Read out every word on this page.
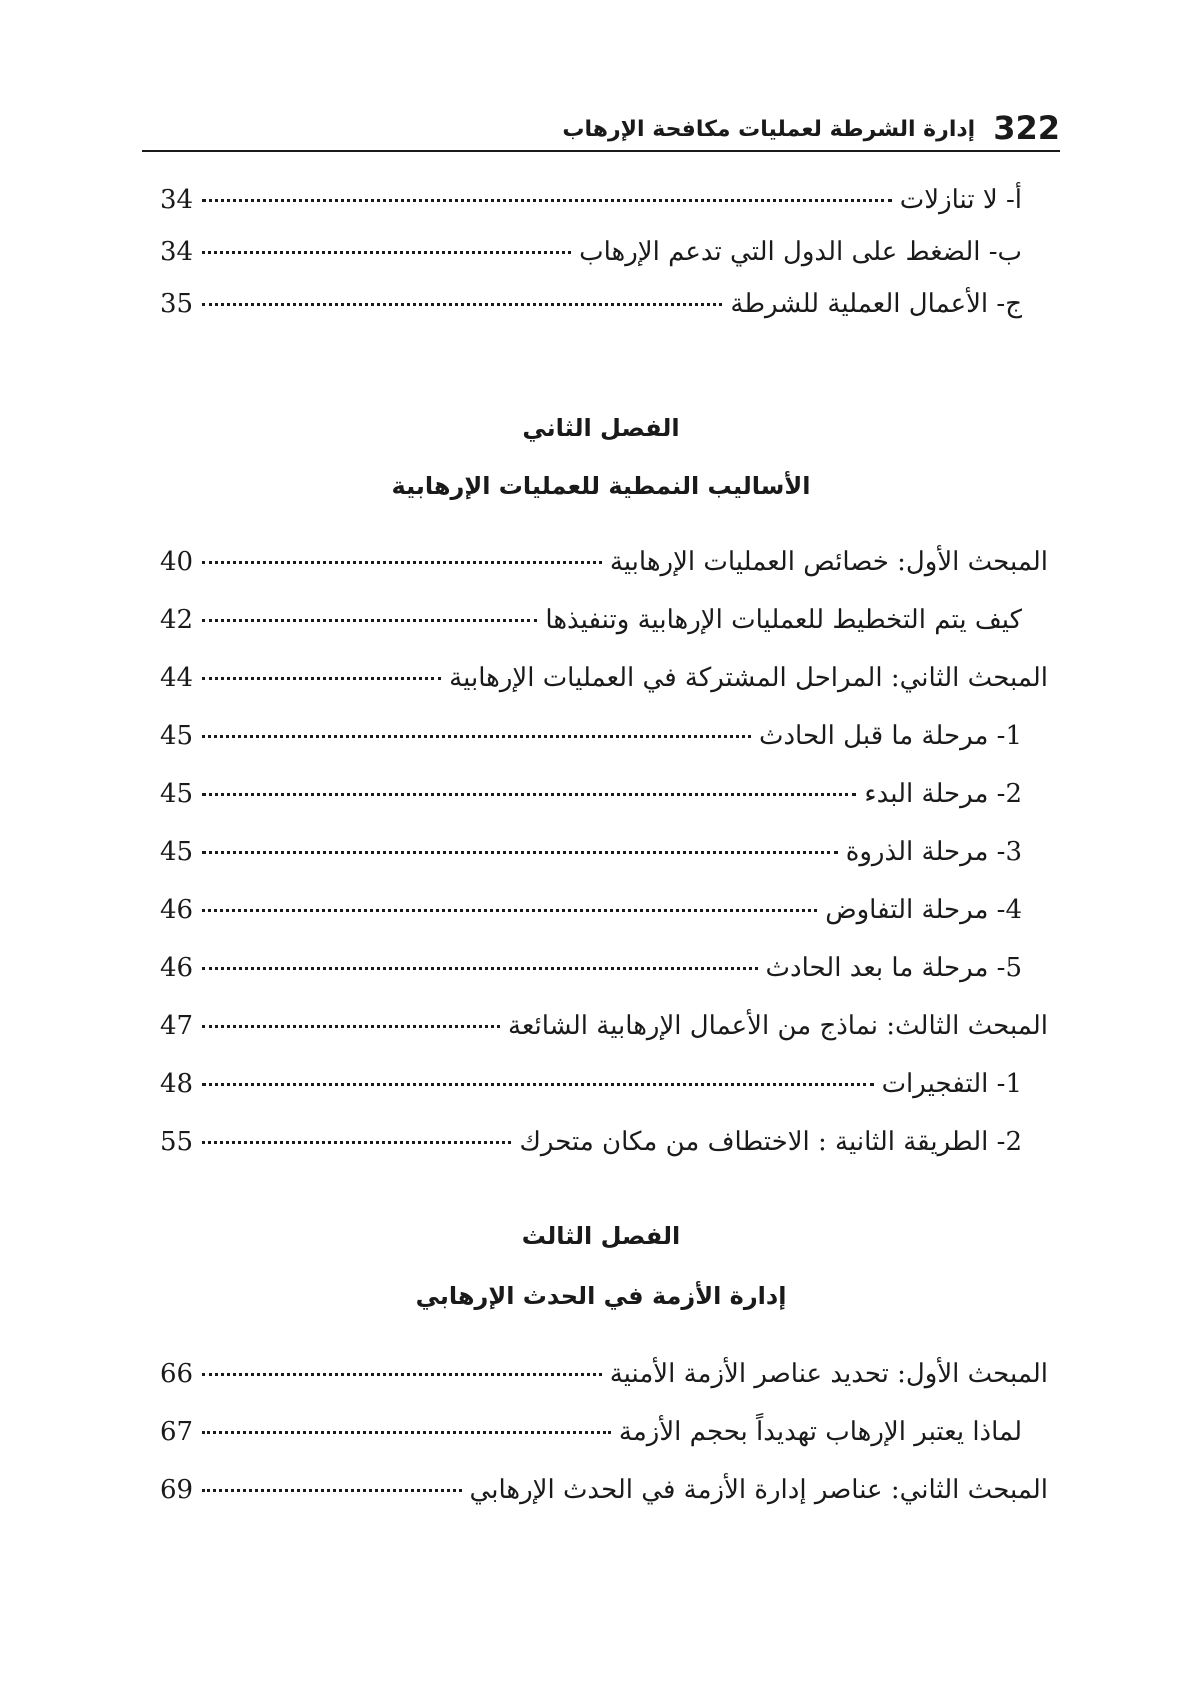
322
إدارة الشرطة لعمليات مكافحة الإرهاب
أ- لا تنازلات
34
ب- الضغط على الدول التي تدعم الإرهاب
34
ج- الأعمال العملية للشرطة
35
الفصل الثاني
الأساليب النمطية للعمليات الإرهابية
المبحث الأول: خصائص العمليات الإرهابية
40
كيف يتم التخطيط للعمليات الإرهابية وتنفيذها
42
المبحث الثاني: المراحل المشتركة في العمليات الإرهابية
44
1- مرحلة ما قبل الحادث
45
2- مرحلة البدء
45
3- مرحلة الذروة
45
4- مرحلة التفاوض
46
5- مرحلة ما بعد الحادث
46
المبحث الثالث: نماذج من الأعمال الإرهابية الشائعة
47
1- التفجيرات
48
2- الطريقة الثانية : الاختطاف من مكان متحرك
55
الفصل الثالث
إدارة الأزمة في الحدث الإرهابي
المبحث الأول: تحديد عناصر الأزمة الأمنية
66
لماذا يعتبر الإرهاب تهديداً بحجم الأزمة
67
المبحث الثاني: عناصر إدارة الأزمة في الحدث الإرهابي
69
